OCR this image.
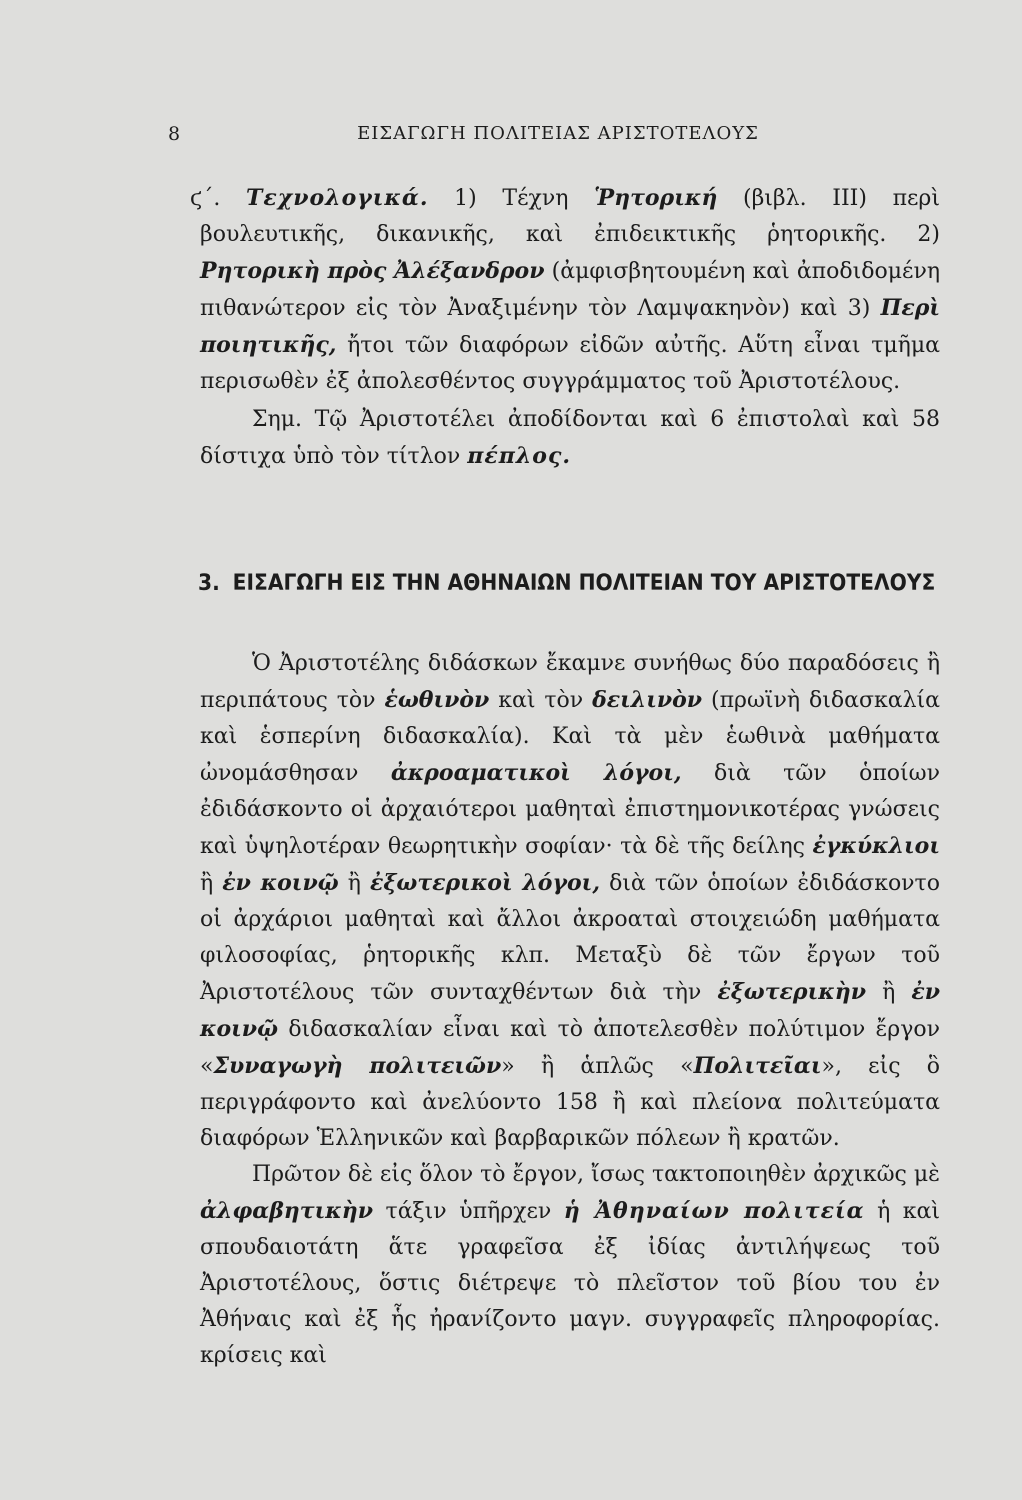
8	ΕΙΣΑΓΩΓΗ ΠΟΛΙΤΕΙΑΣ ΑΡΙΣΤΟΤΕΛΟΥΣ

ϛ΄. Τεχνολογικά. 1) Τέχνη Ῥητορική (βιβλ. ΙΙΙ) περὶ βουλευτικῆς, δικανικῆς, καὶ ἐπιδεικτικῆς ῥητορικῆς. 2) Ρητορικὴ πρὸς Ἀλέξανδρον (ἀμφισβητουμένη καὶ ἀποδιδομένη πιθανώτερον εἰς τὸν Ἀναξιμένην τὸν Λαμψακηνὸν) καὶ 3) Περὶ ποιητικῆς, ἤτοι τῶν διαφόρων εἰδῶν αὐτῆς. Αὕτη εἶναι τμῆμα περισωθὲν ἐξ ἀπολεσθέντος συγγράμματος τοῦ Ἀριστοτέλους.

Σημ. Τῷ Ἀριστοτέλει ἀποδίδονται καὶ 6 ἐπιστολαὶ καὶ 58 δίστιχα ὑπὸ τὸν τίτλον πέπλος.

3. ΕΙΣΑΓΩΓΗ ΕΙΣ ΤΗΝ ΑΘΗΝΑΙΩΝ ΠΟΛΙΤΕΙΑΝ ΤΟΥ ΑΡΙΣΤΟΤΕΛΟΥΣ

Ὁ Ἀριστοτέλης διδάσκων ἔκαμνε συνήθως δύο παραδόσεις ἢ περιπάτους τὸν ἑωθινὸν καὶ τὸν δειλινὸν (πρωϊνὴ διδασκαλία καὶ ἑσπερίνη διδασκαλία). Καὶ τὰ μὲν ἑωθινὰ μαθήματα ὠνομάσθησαν ἀκροαματικοὶ λόγοι, διὰ τῶν ὁποίων ἐδιδάσκοντο οἱ ἀρχαιότεροι μαθηταὶ ἐπιστημονικοτέρας γνώσεις καὶ ὑψηλοτέραν θεωρητικὴν σοφίαν· τὰ δὲ τῆς δείλης ἐγκύκλιοι ἢ ἐν κοινῷ ἢ ἐξωτερικοὶ λόγοι, διὰ τῶν ὁποίων ἐδιδάσκοντο οἱ ἀρχάριοι μαθηταὶ καὶ ἄλλοι ἀκροαταὶ στοιχειώδη μαθήματα φιλοσοφίας, ῥητορικῆς κλπ. Μεταξὺ δὲ τῶν ἔργων τοῦ Ἀριστοτέλους τῶν συνταχθέντων διὰ τὴν ἐξωτερικὴν ἢ ἐν κοινῷ διδασκαλίαν εἶναι καὶ τὸ ἀποτελεσθὲν πολύτιμον ἔργον «Συναγωγὴ πολιτειῶν» ἢ ἁπλῶς «Πολιτεῖαι», εἰς ὃ περιγράφοντο καὶ ἀνελύοντο 158 ἢ καὶ πλείονα πολιτεύματα διαφόρων Ἑλληνικῶν καὶ βαρβαρικῶν πόλεων ἢ κρατῶν.

Πρῶτον δὲ εἰς ὅλον τὸ ἔργον, ἴσως τακτοποιηθὲν ἀρχικῶς μὲ ἀλφαβητικὴν τάξιν ὑπῆρχεν ἡ Ἀθηναίων πολιτεία ἡ καὶ σπουδαιοτάτη ἅτε γραφεῖσα ἐξ ἰδίας ἀντιλήψεως τοῦ Ἀριστοτέλους, ὅστις διέτρεψε τὸ πλεῖστον τοῦ βίου του ἐν Ἀθήναις καὶ ἐξ ἧς ἠρανίζοντο μαγν. συγγραφεῖς πληροφορίας. κρίσεις καὶ
